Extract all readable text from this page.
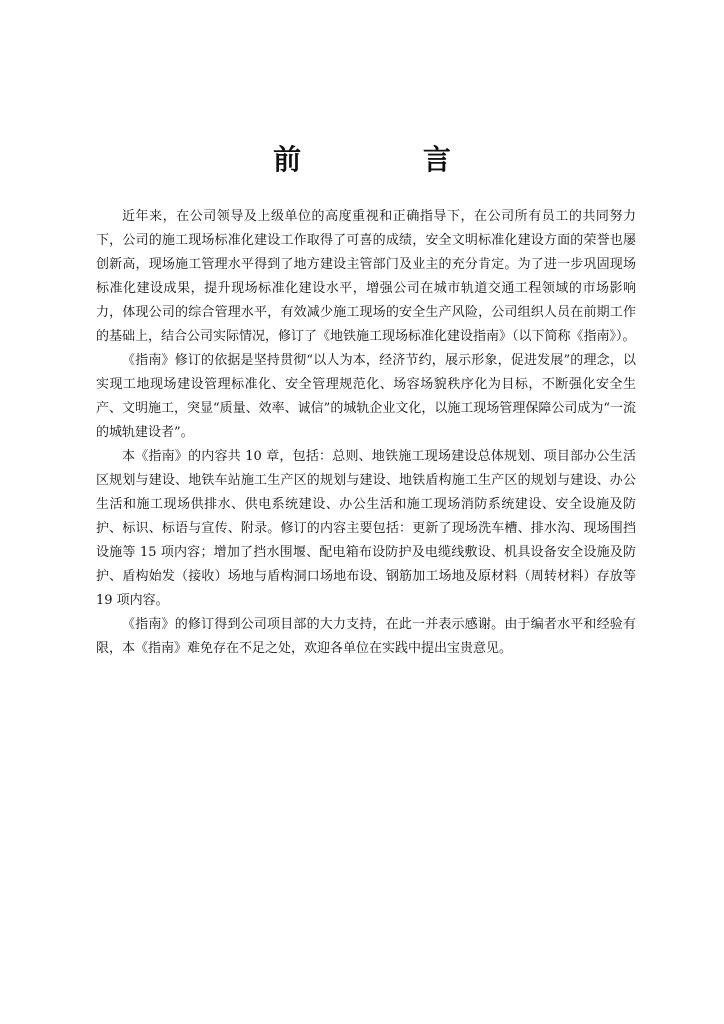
前 言

近年来，在公司领导及上级单位的高度重视和正确指导下，在公司所有员工的共同努力下，公司的施工现场标准化建设工作取得了可喜的成绩，安全文明标准化建设方面的荣誉也屡创新高，现场施工管理水平得到了地方建设主管部门及业主的充分肯定。为了进一步巩固现场标准化建设成果，提升现场标准化建设水平，增强公司在城市轨道交通工程领域的市场影响力，体现公司的综合管理水平，有效减少施工现场的安全生产风险，公司组织人员在前期工作的基础上，结合公司实际情况，修订了《地铁施工现场标准化建设指南》（以下简称《指南》）。

《指南》修订的依据是坚持贯彻“以人为本，经济节约，展示形象，促进发展”的理念，以实现工地现场建设管理标准化、安全管理规范化、场容场貌秩序化为目标，不断强化安全生产、文明施工，突显“质量、效率、诚信”的城轨企业文化，以施工现场管理保障公司成为“一流的城轨建设者”。

本《指南》的内容共 10 章，包括：总则、地铁施工现场建设总体规划、项目部办公生活区规划与建设、地铁车站施工生产区的规划与建设、地铁盾构施工生产区的规划与建设、办公生活和施工现场供排水、供电系统建设、办公生活和施工现场消防系统建设、安全设施及防护、标识、标语与宣传、附录。修订的内容主要包括：更新了现场洗车槽、排水沟、现场围挡设施等 15 项内容；增加了挡水围堰、配电箱布设防护及电缆线敷设、机具设备安全设施及防护、盾构始发（接收）场地与盾构洞口场地布设、钢筋加工场地及原材料（周转材料）存放等 19 项内容。

《指南》的修订得到公司项目部的大力支持，在此一并表示感谢。由于编者水平和经验有限，本《指南》难免存在不足之处，欢迎各单位在实践中提出宝贵意见。
